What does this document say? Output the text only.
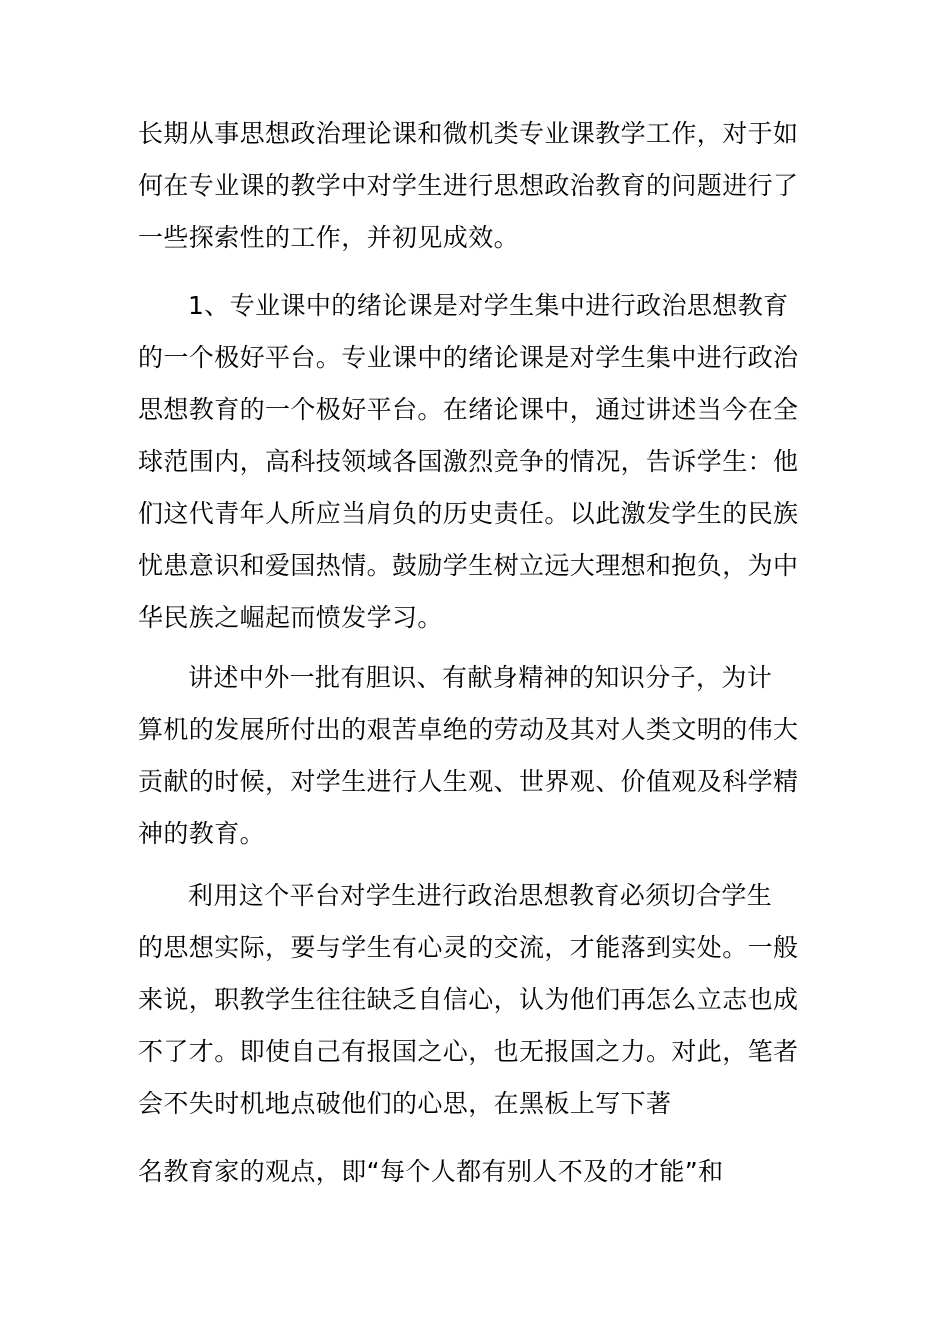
长期从事思想政治理论课和微机类专业课教学工作，对于如
何在专业课的教学中对学生进行思想政治教育的问题进行了
一些探索性的工作，并初见成效。
1、专业课中的绪论课是对学生集中进行政治思想教育
的一个极好平台。专业课中的绪论课是对学生集中进行政治
思想教育的一个极好平台。在绪论课中，通过讲述当今在全
球范围内，高科技领域各国激烈竞争的情况，告诉学生：他
们这代青年人所应当肩负的历史责任。以此激发学生的民族
忧患意识和爱国热情。鼓励学生树立远大理想和抱负，为中
华民族之崛起而愤发学习。
讲述中外一批有胆识、有献身精神的知识分子，为计
算机的发展所付出的艰苦卓绝的劳动及其对人类文明的伟大
贡献的时候，对学生进行人生观、世界观、价值观及科学精
神的教育。
利用这个平台对学生进行政治思想教育必须切合学生
的思想实际，要与学生有心灵的交流，才能落到实处。一般
来说，职教学生往往缺乏自信心，认为他们再怎么立志也成
不了才。即使自己有报国之心，也无报国之力。对此，笔者
会不失时机地点破他们的心思，在黑板上写下著
名教育家的观点，即“每个人都有别人不及的才能”和
